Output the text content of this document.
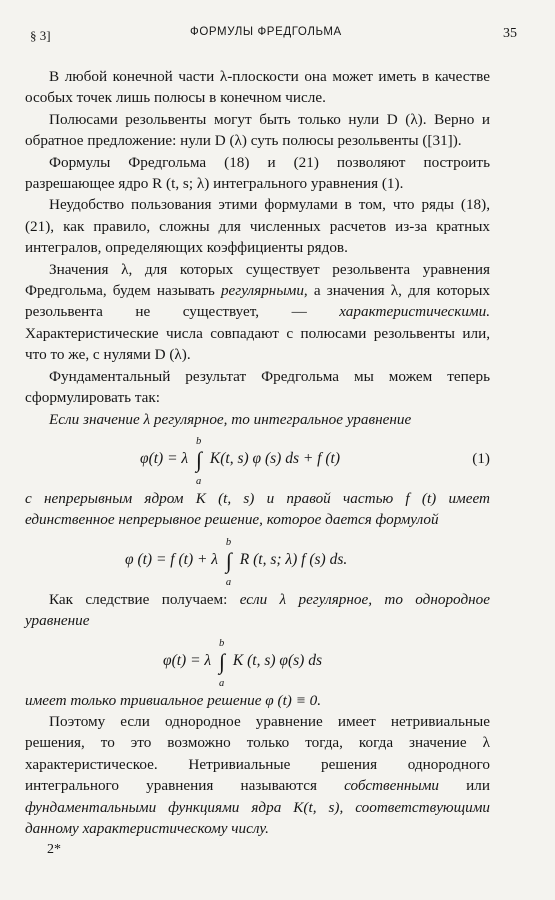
§ 3]	ФОРМУЛЫ ФРЕДГОЛЬМА	35

В любой конечной части λ-плоскости она может иметь в качестве особых точек лишь полюсы в конечном числе.

Полюсами резольвенты могут быть только нули D (λ). Верно и обратное предложение: нули D (λ) суть полюсы резольвенты ([31]).

Формулы Фредгольма (18) и (21) позволяют построить разрешающее ядро R (t, s; λ) интегрального уравнения (1).

Неудобство пользования этими формулами в том, что ряды (18), (21), как правило, сложны для численных расчетов из-за кратных интегралов, определяющих коэффициенты рядов.

Значения λ, для которых существует резольвента уравнения Фредгольма, будем называть регулярными, а значения λ, для которых резольвента не существует, — характеристическими. Характеристические числа совпадают с полюсами резольвенты или, что то же, с нулями D (λ).

Фундаментальный результат Фредгольма мы можем теперь сформулировать так:

Если значение λ регулярное, то интегральное уравнение

φ(t) = λ
b
∫
a
K(t, s) φ (s) ds + f (t)	(1)

с непрерывным ядром K (t, s) и правой частью f (t) имеет единственное непрерывное решение, которое дается формулой

φ (t) = f (t) + λ
b
∫
a
R (t, s; λ) f (s) ds.

Как следствие получаем: если λ регулярное, то однородное уравнение

φ(t) = λ
b
∫
a
K (t, s) φ(s) ds

имеет только тривиальное решение φ (t) ≡ 0.

Поэтому если однородное уравнение имеет нетривиальные решения, то это возможно только тогда, когда значение λ характеристическое. Нетривиальные решения однородного интегрального уравнения называются собственными или фундаментальными функциями ядра K(t, s), соответствующими данному характеристическому числу.

2*
